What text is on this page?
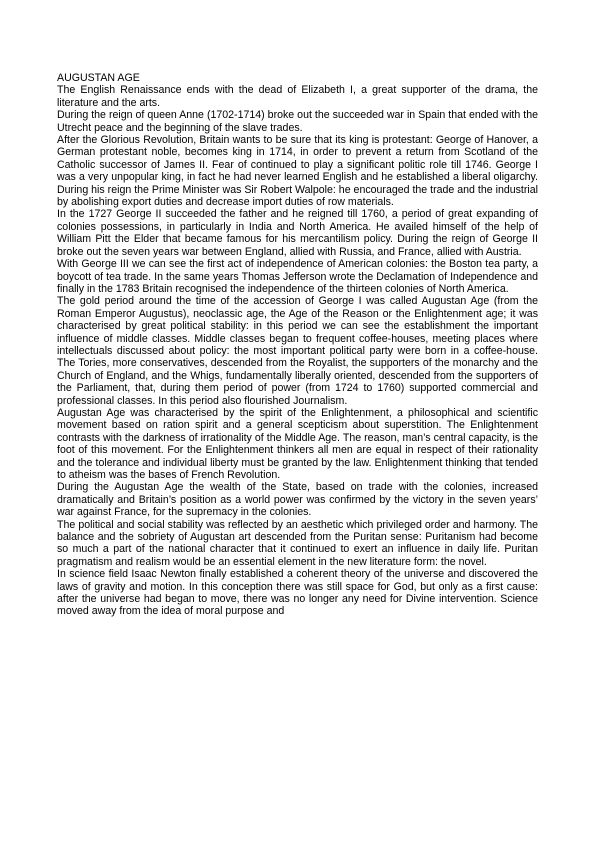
AUGUSTAN AGE

The English Renaissance ends with the dead of Elizabeth I, a great supporter of the drama, the literature and the arts.

During the reign of queen Anne (1702-1714) broke out the succeeded war in Spain that ended with the Utrecht peace and the beginning of the slave trades.

After the Glorious Revolution, Britain wants to be sure that its king is protestant: George of Hanover, a German protestant noble, becomes king in 1714, in order to prevent a return from Scotland of the Catholic successor of James II. Fear of continued to play a significant politic role till 1746. George I was a very unpopular king, in fact he had never learned English and he established a liberal oligarchy. During his reign the Prime Minister was Sir Robert Walpole: he encouraged the trade and the industrial by abolishing export duties and decrease import duties of row materials.

In the 1727 George II succeeded the father and he reigned till 1760, a period of great expanding of colonies possessions, in particularly in India and North America. He availed himself of the help of William Pitt the Elder that became famous for his mercantilism policy. During the reign of George II broke out the seven years war between England, allied with Russia, and France, allied with Austria.

With George III we can see the first act of independence of American colonies: the Boston tea party, a boycott of tea trade. In the same years Thomas Jefferson wrote the Declamation of Independence and finally in the 1783 Britain recognised the independence of the thirteen colonies of North America.

The gold period around the time of the accession of George I was called Augustan Age (from the Roman Emperor Augustus), neoclassic age, the Age of the Reason or the Enlightenment age; it was characterised by great political stability: in this period we can see the establishment the important influence of middle classes. Middle classes began to frequent coffee-houses, meeting places where intellectuals discussed about policy: the most important political party were born in a coffee-house. The Tories, more conservatives, descended from the Royalist, the supporters of the monarchy and the Church of England, and the Whigs, fundamentally liberally oriented, descended from the supporters of the Parliament, that, during them period of power (from 1724 to 1760) supported commercial and professional classes. In this period also flourished Journalism.

Augustan Age was characterised by the spirit of the Enlightenment, a philosophical and scientific movement based on ration spirit and a general scepticism about superstition. The Enlightenment contrasts with the darkness of irrationality of the Middle Age. The reason, man’s central capacity, is the foot of this movement. For the Enlightenment thinkers all men are equal in respect of their rationality and the tolerance and individual liberty must be granted by the law. Enlightenment thinking that tended to atheism was the bases of French Revolution.

During the Augustan Age the wealth of the State, based on trade with the colonies, increased dramatically and Britain’s position as a world power was confirmed by the victory in the seven years’ war against France, for the supremacy in the colonies.

The political and social stability was reflected by an aesthetic which privileged order and harmony. The balance and the sobriety of Augustan art descended from the Puritan sense: Puritanism had become so much a part of the national character that it continued to exert an influence in daily life. Puritan pragmatism and realism would be an essential element in the new literature form: the novel.

In science field Isaac Newton finally established a coherent theory of the universe and discovered the laws of gravity and motion. In this conception there was still space for God, but only as a first cause: after the universe had began to move, there was no longer any need for Divine intervention. Science moved away from the idea of moral purpose and
